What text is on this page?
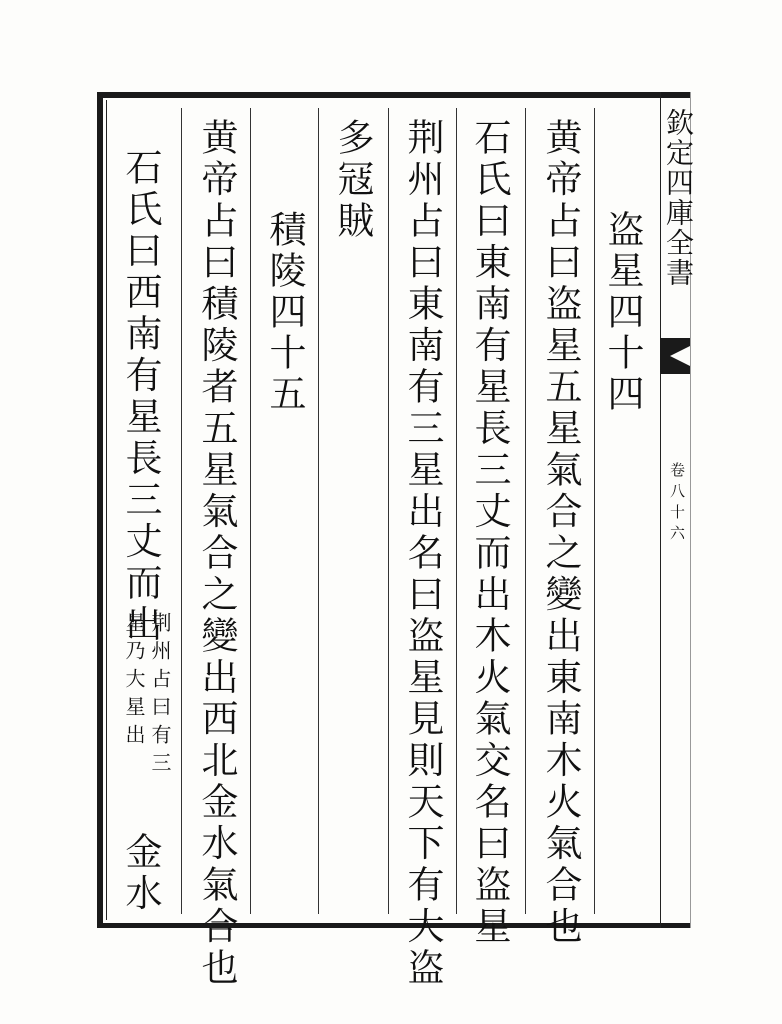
欽定四庫全書
卷八十六
黄帝占曰盗星五星氣合之變出東南木火氣合也 盗星四十四
石氏曰東南有星長三丈而出木火氣交名曰盗星
荆州占曰東南有三星出名曰盗星見則天下有大盗
多冦賊
積陵四十五
黄帝占曰積陵者五星氣合之變出西北金水氣合也
石氏曰西南有星長三丈而出
荆州占曰有三
星乃大星出
金水
